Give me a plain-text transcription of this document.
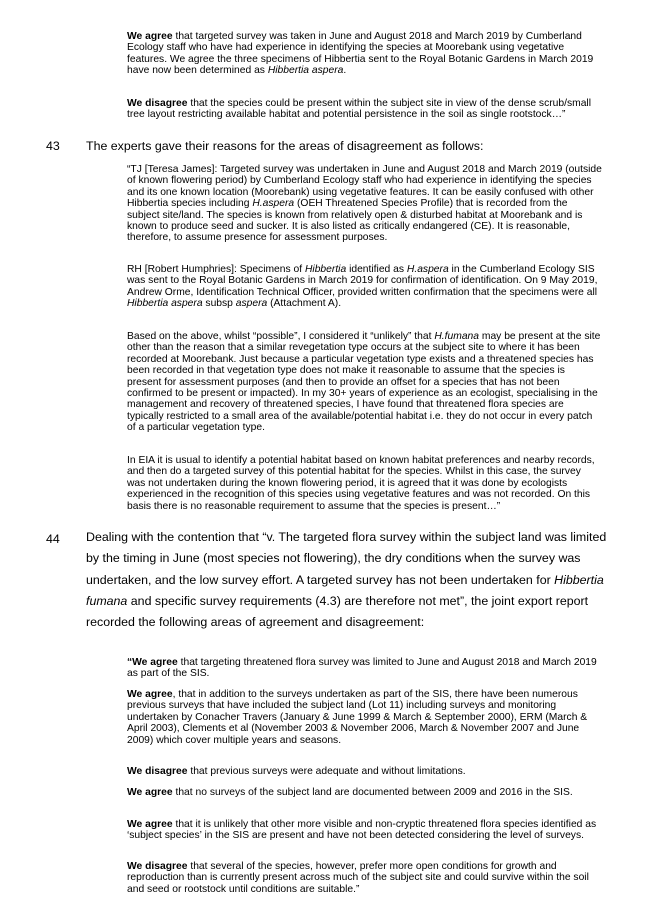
We agree that targeted survey was taken in June and August 2018 and March 2019 by Cumberland Ecology staff who have had experience in identifying the species at Moorebank using vegetative features. We agree the three specimens of Hibbertia sent to the Royal Botanic Gardens in March 2019 have now been determined as Hibbertia aspera.

We disagree that the species could be present within the subject site in view of the dense scrub/small tree layout restricting available habitat and potential persistence in the soil as single rootstock…”

43 The experts gave their reasons for the areas of disagreement as follows:

“TJ [Teresa James]: Targeted survey was undertaken in June and August 2018 and March 2019 (outside of known flowering period) by Cumberland Ecology staff who had experience in identifying the species and its one known location (Moorebank) using vegetative features. It can be easily confused with other Hibbertia species including H.aspera (OEH Threatened Species Profile) that is recorded from the subject site/land. The species is known from relatively open & disturbed habitat at Moorebank and is known to produce seed and sucker. It is also listed as critically endangered (CE). It is reasonable, therefore, to assume presence for assessment purposes.

RH [Robert Humphries]: Specimens of Hibbertia identified as H.aspera in the Cumberland Ecology SIS was sent to the Royal Botanic Gardens in March 2019 for confirmation of identification. On 9 May 2019, Andrew Orme, Identification Technical Officer, provided written confirmation that the specimens were all Hibbertia aspera subsp aspera (Attachment A).

Based on the above, whilst “possible”, I considered it “unlikely” that H.fumana may be present at the site other than the reason that a similar revegetation type occurs at the subject site to where it has been recorded at Moorebank. Just because a particular vegetation type exists and a threatened species has been recorded in that vegetation type does not make it reasonable to assume that the species is present for assessment purposes (and then to provide an offset for a species that has not been confirmed to be present or impacted). In my 30+ years of experience as an ecologist, specialising in the management and recovery of threatened species, I have found that threatened flora species are typically restricted to a small area of the available/potential habitat i.e. they do not occur in every patch of a particular vegetation type.

In EIA it is usual to identify a potential habitat based on known habitat preferences and nearby records, and then do a targeted survey of this potential habitat for the species. Whilst in this case, the survey was not undertaken during the known flowering period, it is agreed that it was done by ecologists experienced in the recognition of this species using vegetative features and was not recorded. On this basis there is no reasonable requirement to assume that the species is present…”

44 Dealing with the contention that “v. The targeted flora survey within the subject land was limited by the timing in June (most species not flowering), the dry conditions when the survey was undertaken, and the low survey effort. A targeted survey has not been undertaken for Hibbertia fumana and specific survey requirements (4.3) are therefore not met”, the joint export report recorded the following areas of agreement and disagreement:

“We agree that targeting threatened flora survey was limited to June and August 2018 and March 2019 as part of the SIS.

We agree, that in addition to the surveys undertaken as part of the SIS, there have been numerous previous surveys that have included the subject land (Lot 11) including surveys and monitoring undertaken by Conacher Travers (January & June 1999 & March & September 2000), ERM (March & April 2003), Clements et al (November 2003 & November 2006, March & November 2007 and June 2009) which cover multiple years and seasons.

We disagree that previous surveys were adequate and without limitations.

We agree that no surveys of the subject land are documented between 2009 and 2016 in the SIS.

We agree that it is unlikely that other more visible and non-cryptic threatened flora species identified as ‘subject species’ in the SIS are present and have not been detected considering the level of surveys.

We disagree that several of the species, however, prefer more open conditions for growth and reproduction than is currently present across much of the subject site and could survive within the soil and seed or rootstock until conditions are suitable.”
